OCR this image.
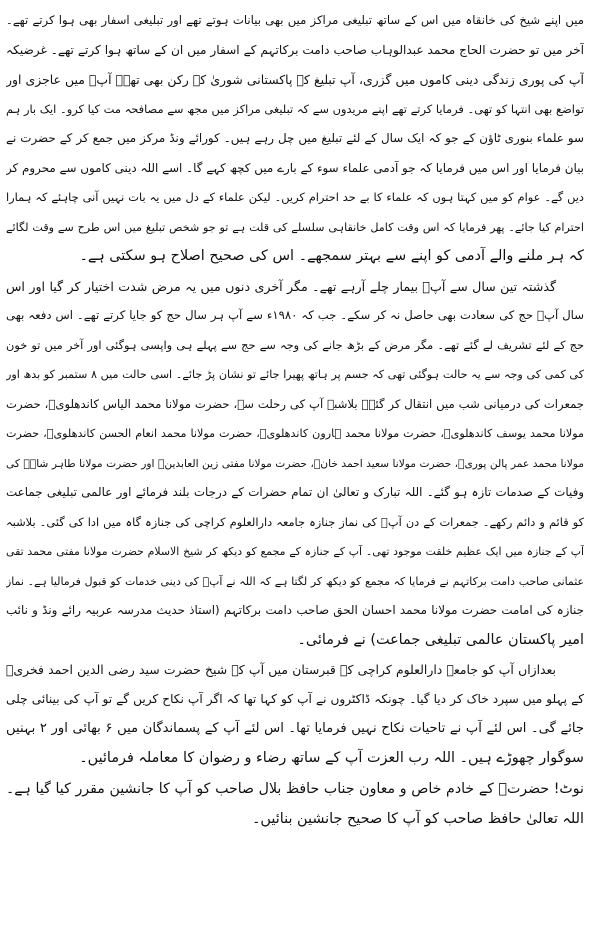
میں اپنے شیخ کی خانقاہ میں اس کے ساتھ تبلیغی مراکز میں بھی بیانات ہوتے تھے اور تبلیغی اسفار بھی ہوا کرتے تھے۔
آخر میں تو حضرت الحاج محمد عبدالوہاب صاحب دامت برکاتہم کے اسفار میں ان کے ساتھ ہوا کرتے تھے۔ غرضیکہ
آپ کی پوری زندگی دینی کاموں میں گزری، آپ تبلیغ کے پاکستانی شوریٰ کے رکن بھی تھے۔ آپؒ میں عاجزی اور
تواضع بھی انتہا کو تھی۔ فرمایا کرتے تھے اپنے مریدوں سے کہ تبلیغی مراکز میں مجھ سے مصافحہ مت کیا کرو۔ ایک بار ہم
سو علماء بنوری ٹاؤن کے جو کہ ایک سال کے لئے تبلیغ میں چل رہے ہیں۔ کورائے ونڈ مرکز میں جمع کر کے حضرت نے
بیان فرمایا اور اس میں فرمایا کہ جو آدمی علماء سوء کے بارے میں کچھ کہے گا۔ اسے اللہ دینی کاموں سے محروم کر
دیں گے۔ عوام کو میں کہتا ہوں کہ علماء کا بے حد احترام کریں۔ لیکن علماء کے دل میں یہ بات نہیں آنی چاہئے کہ ہمارا
احترام کیا جائے۔ پھر فرمایا کہ اس وقت کامل خانقاہی سلسلے کی قلت ہے تو جو شخص تبلیغ میں اس طرح سے وقت لگائے
کہ ہر ملنے والے آدمی کو اپنے سے بہتر سمجھے۔ اس کی صحیح اصلاح ہو سکتی ہے۔
گذشتہ تین سال سے آپؒ بیمار چلے آرہے تھے۔ مگر آخری دنوں میں یہ مرض شدت اختیار کر گیا اور اس
سال آپؒ حج کی سعادت بھی حاصل نہ کر سکے۔ جب کہ ۱۹۸۰ء سے آپ ہر سال حج کو جایا کرتے تھے۔ اس دفعہ بھی
حج کے لئے تشریف لے گئے تھے۔ مگر مرض کے بڑھ جانے کی وجہ سے حج سے پہلے ہی واپسی ہوگئی اور آخر میں تو خون
کی کمی کی وجہ سے یہ حالت ہوگئی تھی کہ جسم پر ہاتھ پھیرا جائے تو نشان پڑ جائے۔ اسی حالت میں ۸ ستمبر کو بدھ اور
جمعرات کی درمیانی شب میں انتقال کر گئے۔ بلاشبہ آپ کی رحلت سے، حضرت مولانا محمد الیاس کاندھلویؒ، حضرت
مولانا محمد یوسف کاندھلویؒ، حضرت مولانا محمد ہارون کاندھلویؒ، حضرت مولانا محمد انعام الحسن کاندھلویؒ، حضرت
مولانا محمد عمر پالن پوریؒ، حضرت مولانا سعید احمد خانؒ، حضرت مولانا مفتی زین العابدینؒ اور حضرت مولانا طاہر شاہؒ کی
وفیات کے صدمات تازہ ہو گئے۔ اللہ تبارک و تعالیٰ ان تمام حضرات کے درجات بلند فرمائے اور عالمی تبلیغی جماعت
کو قائم و دائم رکھے۔ جمعرات کے دن آپؒ کی نماز جنازہ جامعہ دارالعلوم کراچی کی جنازہ گاہ میں ادا کی گئی۔ بلاشبہ
آپ کے جنازہ میں ایک عظیم خلقت موجود تھی۔ آپ کے جنازہ کے مجمع کو دیکھ کر شیخ الاسلام حضرت مولانا مفتی محمد تقی
عثمانی صاحب دامت برکاتہم نے فرمایا کہ مجمع کو دیکھ کر لگتا ہے کہ اللہ نے آپؒ کی دینی خدمات کو قبول فرمالیا ہے۔ نماز
جنازہ کی امامت حضرت مولانا محمد احسان الحق صاحب دامت برکاتہم (استاذ حدیث مدرسہ عربیہ رائے ونڈ و نائب
امیر پاکستان عالمی تبلیغی جماعت) نے فرمائی۔
بعدازاں آپ کو جامعہ دارالعلوم کراچی کے قبرستان میں آپ کے شیخ حضرت سید رضی الدین احمد فخریؒ
کے پہلو میں سپرد خاک کر دیا گیا۔ چونکہ ڈاکٹروں نے آپ کو کہا تھا کہ اگر آپ نکاح کریں گے تو آپ کی بینائی چلی
جائے گی۔ اس لئے آپ نے تاحیات نکاح نہیں فرمایا تھا۔ اس لئے آپ کے پسماندگان میں ۶ بھائی اور ۲ بہنیں
سوگوار چھوڑے ہیں۔ اللہ رب العزت آپ کے ساتھ رضاء و رضوان کا معاملہ فرمائیں۔
نوٹ! حضرتؒ کے خادم خاص و معاون جناب حافظ بلال صاحب کو آپ کا جانشین مقرر کیا گیا ہے۔
اللہ تعالیٰ حافظ صاحب کو آپ کا صحیح جانشین بنائیں۔
